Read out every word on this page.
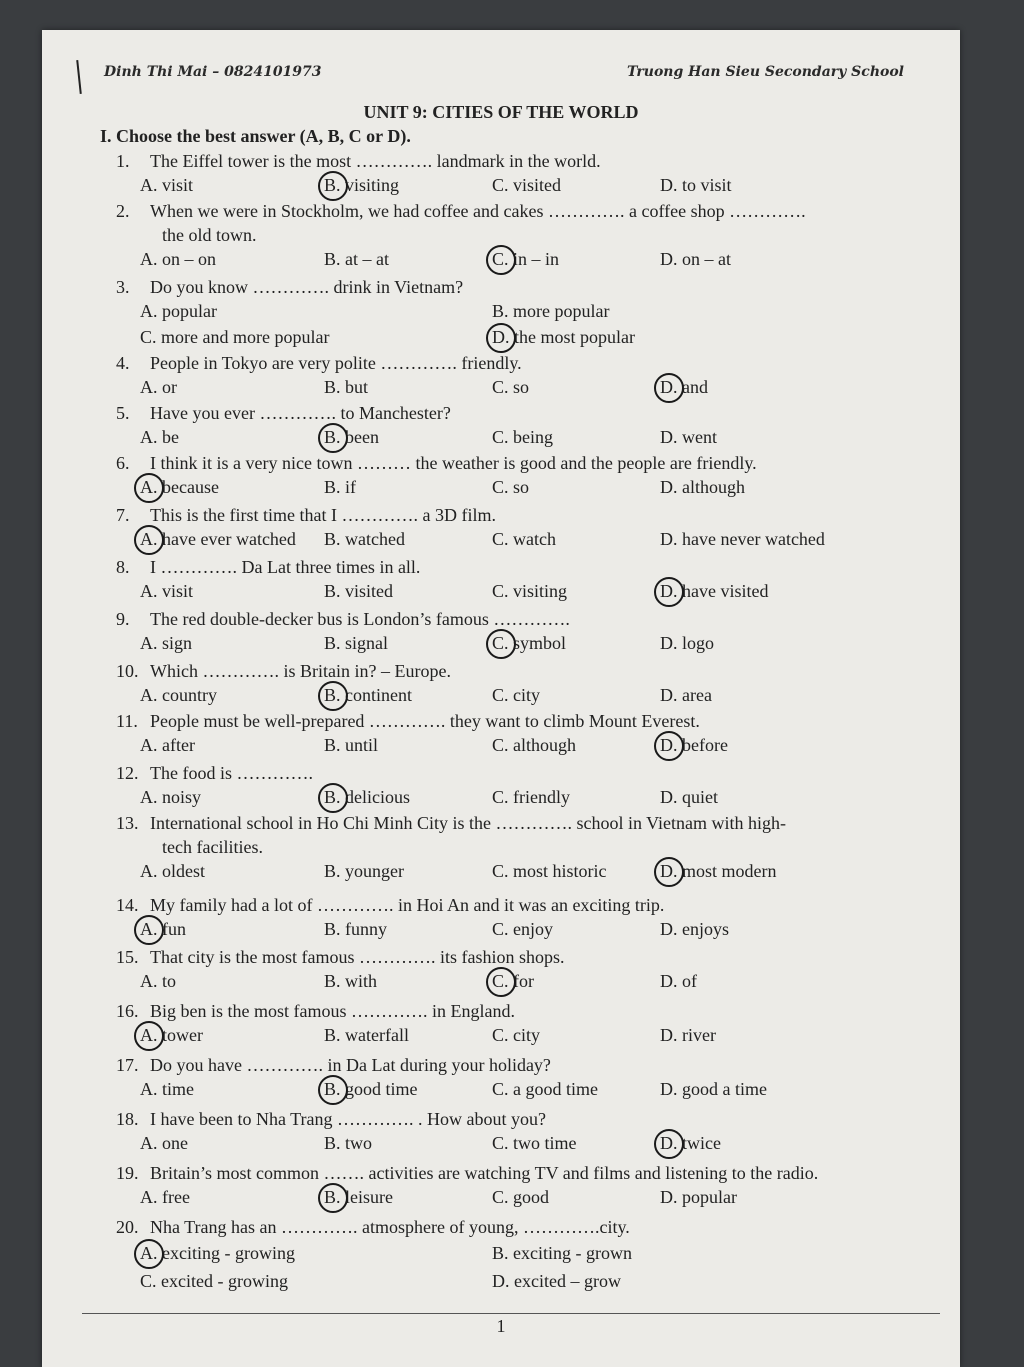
Dinh Thi Mai – 0824101973	Truong Han Sieu Secondary School
UNIT 9: CITIES OF THE WORLD
I. Choose the best answer (A, B, C or D).
1. The Eiffel tower is the most …………. landmark in the world.
A. visit	B. visiting	C. visited	D. to visit
2. When we were in Stockholm, we had coffee and cakes …………. a coffee shop ………….
the old town.
A. on – on	B. at – at	C. in – in	D. on – at
3. Do you know …………. drink in Vietnam?
A. popular	B. more popular
C. more and more popular	D. the most popular
4. People in Tokyo are very polite …………. friendly.
A. or	B. but	C. so	D. and
5. Have you ever …………. to Manchester?
A. be	B. been	C. being	D. went
6. I think it is a very nice town ……… the weather is good and the people are friendly.
A. because	B. if	C. so	D. although
7. This is the first time that I …………. a 3D film.
A. have ever watched B. watched	C. watch	D. have never watched
8. I …………. Da Lat three times in all.
A. visit	B. visited	C. visiting	D. have visited
9. The red double-decker bus is London’s famous ………….
A. sign	B. signal	C. symbol	D. logo
10. Which …………. is Britain in? – Europe.
A. country	B. continent	C. city	D. area
11. People must be well-prepared …………. they want to climb Mount Everest.
A. after	B. until	C. although	D. before
12. The food is ………….
A. noisy	B. delicious	C. friendly	D. quiet
13. International school in Ho Chi Minh City is the …………. school in Vietnam with high-
tech facilities.
A. oldest	B. younger	C. most historic	D. most modern
14. My family had a lot of …………. in Hoi An and it was an exciting trip.
A. fun	B. funny	C. enjoy	D. enjoys
15. That city is the most famous …………. its fashion shops.
A. to	B. with	C. for	D. of
16. Big ben is the most famous …………. in England.
A. tower	B. waterfall	C. city	D. river
17. Do you have …………. in Da Lat during your holiday?
A. time	B. good time	C. a good time	D. good a time
18. I have been to Nha Trang …………. . How about you?
A. one	B. two	C. two time	D. twice
19. Britain’s most common ……. activities are watching TV and films and listening to the radio.
A. free	B. leisure	C. good	D. popular
20. Nha Trang has an …………. atmosphere of young, ………….city.
A. exciting - growing	B. exciting - grown
C. excited - growing	D. excited – grow
1
